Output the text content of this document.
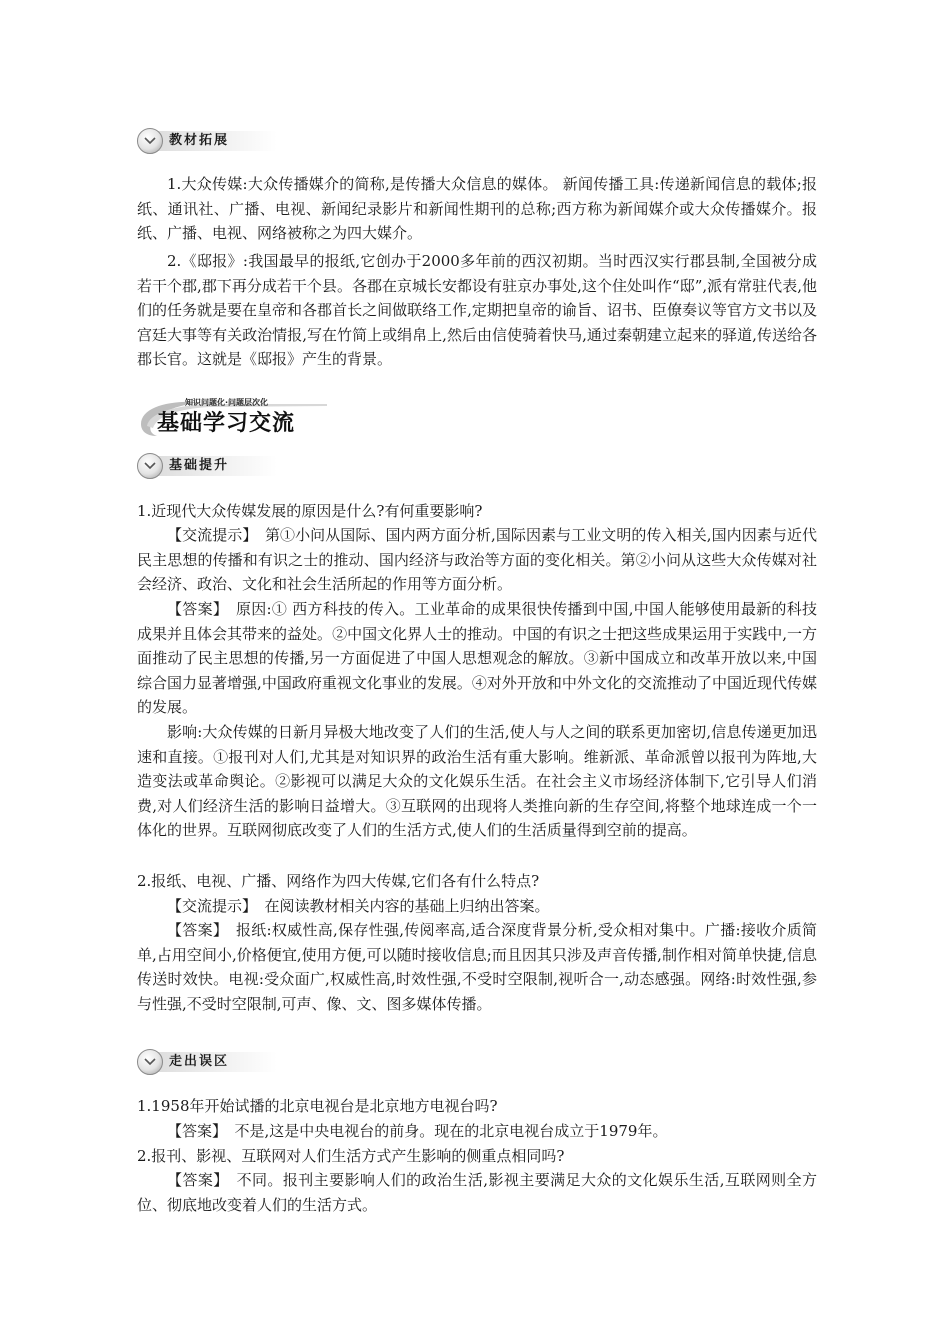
教材拓展

1.大众传媒:大众传播媒介的简称,是传播大众信息的媒体。 新闻传播工具:传递新闻信息的载体;报纸、通讯社、广播、电视、新闻纪录影片和新闻性期刊的总称;西方称为新闻媒介或大众传播媒介。报纸、广播、电视、网络被称之为四大媒介。

2.《邸报》:我国最早的报纸,它创办于2000多年前的西汉初期。当时西汉实行郡县制,全国被分成若干个郡,郡下再分成若干个县。各郡在京城长安都设有驻京办事处,这个住处叫作“邸”,派有常驻代表,他们的任务就是要在皇帝和各郡首长之间做联络工作,定期把皇帝的谕旨、诏书、臣僚奏议等官方文书以及宫廷大事等有关政治情报,写在竹简上或绢帛上,然后由信使骑着快马,通过秦朝建立起来的驿道,传送给各郡长官。这就是《邸报》产生的背景。

知识问题化·问题层次化
基础学习交流
基础提升

1.近现代大众传媒发展的原因是什么?有何重要影响?

【交流提示】　第①小问从国际、国内两方面分析,国际因素与工业文明的传入相关,国内因素与近代民主思想的传播和有识之士的推动、国内经济与政治等方面的变化相关。第②小问从这些大众传媒对社会经济、政治、文化和社会生活所起的作用等方面分析。

【答案】　原因:① 西方科技的传入。工业革命的成果很快传播到中国,中国人能够使用最新的科技成果并且体会其带来的益处。②中国文化界人士的推动。中国的有识之士把这些成果运用于实践中,一方面推动了民主思想的传播,另一方面促进了中国人思想观念的解放。③新中国成立和改革开放以来,中国综合国力显著增强,中国政府重视文化事业的发展。④对外开放和中外文化的交流推动了中国近现代传媒的发展。

影响:大众传媒的日新月异极大地改变了人们的生活,使人与人之间的联系更加密切,信息传递更加迅速和直接。①报刊对人们,尤其是对知识界的政治生活有重大影响。维新派、革命派曾以报刊为阵地,大造变法或革命舆论。②影视可以满足大众的文化娱乐生活。在社会主义市场经济体制下,它引导人们消费,对人们经济生活的影响日益增大。③互联网的出现将人类推向新的生存空间,将整个地球连成一个一体化的世界。互联网彻底改变了人们的生活方式,使人们的生活质量得到空前的提高。

2.报纸、电视、广播、网络作为四大传媒,它们各有什么特点?

【交流提示】　在阅读教材相关内容的基础上归纳出答案。

【答案】　报纸:权威性高,保存性强,传阅率高,适合深度背景分析,受众相对集中。广播:接收介质简单,占用空间小,价格便宜,使用方便,可以随时接收信息;而且因其只涉及声音传播,制作相对简单快捷,信息传送时效快。电视:受众面广,权威性高,时效性强,不受时空限制,视听合一,动态感强。网络:时效性强,参与性强,不受时空限制,可声、像、文、图多媒体传播。

走出误区

1.1958年开始试播的北京电视台是北京地方电视台吗?

【答案】　不是,这是中央电视台的前身。现在的北京电视台成立于1979年。

2.报刊、影视、互联网对人们生活方式产生影响的侧重点相同吗?

【答案】　不同。报刊主要影响人们的政治生活,影视主要满足大众的文化娱乐生活,互联网则全方位、彻底地改变着人们的生活方式。
